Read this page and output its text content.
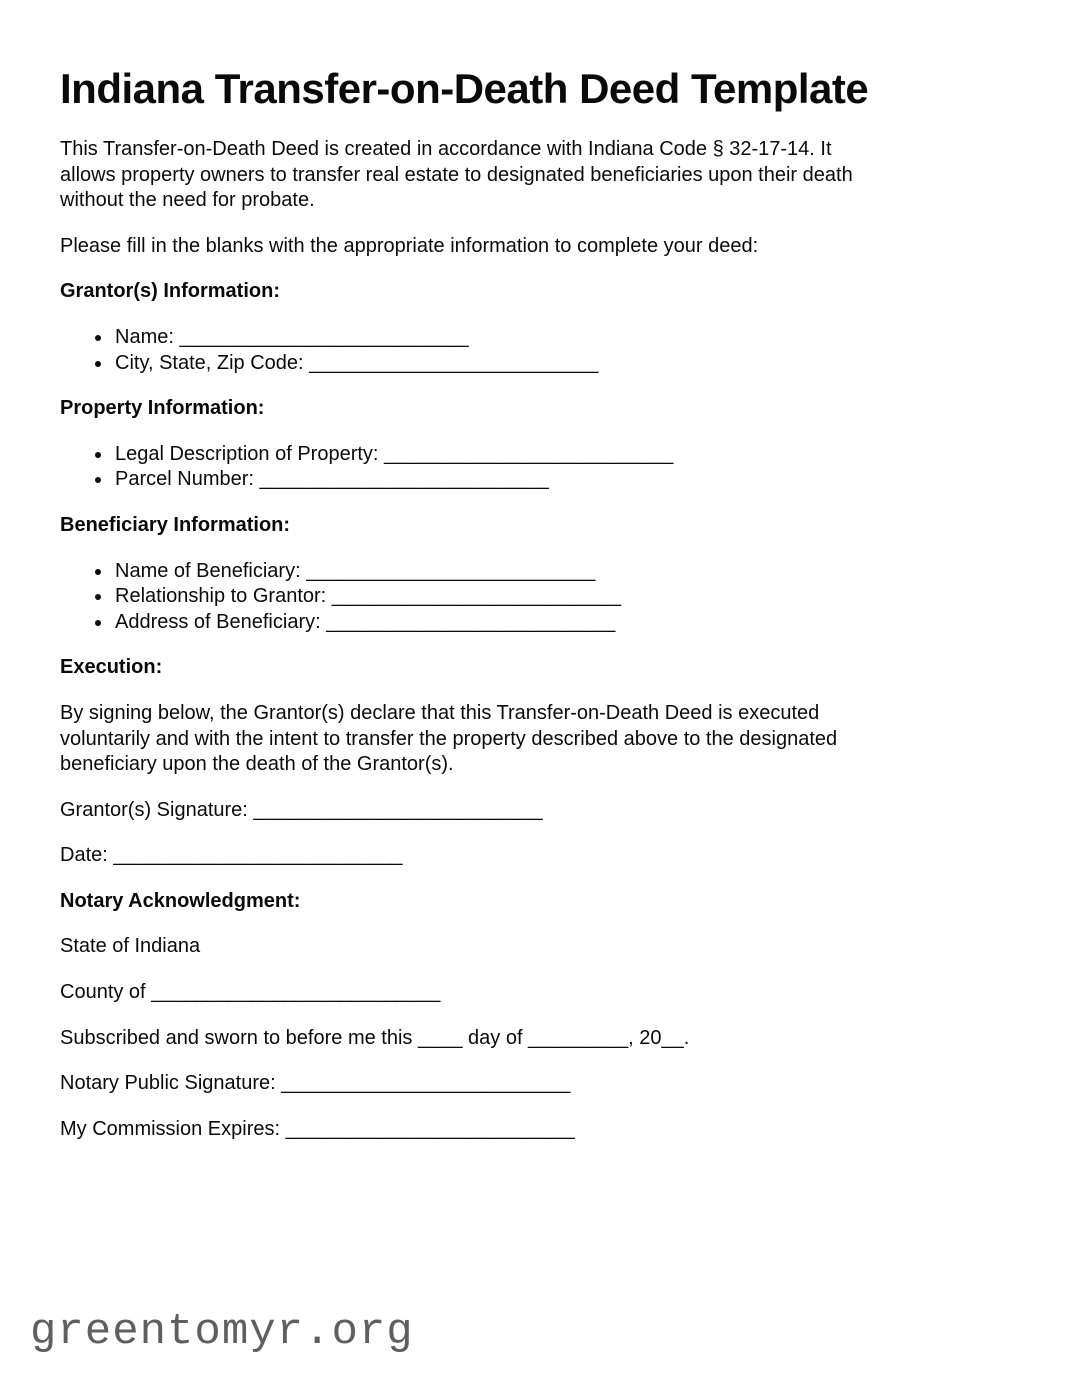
Indiana Transfer-on-Death Deed Template

This Transfer-on-Death Deed is created in accordance with Indiana Code § 32-17-14. It
allows property owners to transfer real estate to designated beneficiaries upon their death
without the need for probate.

Please fill in the blanks with the appropriate information to complete your deed:

Grantor(s) Information:
• Name: __________________________
• City, State, Zip Code: __________________________
Property Information:
• Legal Description of Property: __________________________
• Parcel Number: __________________________
Beneficiary Information:
• Name of Beneficiary: __________________________
• Relationship to Grantor: __________________________
• Address of Beneficiary: __________________________
Execution:

By signing below, the Grantor(s) declare that this Transfer-on-Death Deed is executed
voluntarily and with the intent to transfer the property described above to the designated
beneficiary upon the death of the Grantor(s).

Grantor(s) Signature: __________________________

Date: __________________________

Notary Acknowledgment:

State of Indiana

County of __________________________

Subscribed and sworn to before me this ____ day of _________, 20__.

Notary Public Signature: __________________________

My Commission Expires: __________________________

greentomyr.org
